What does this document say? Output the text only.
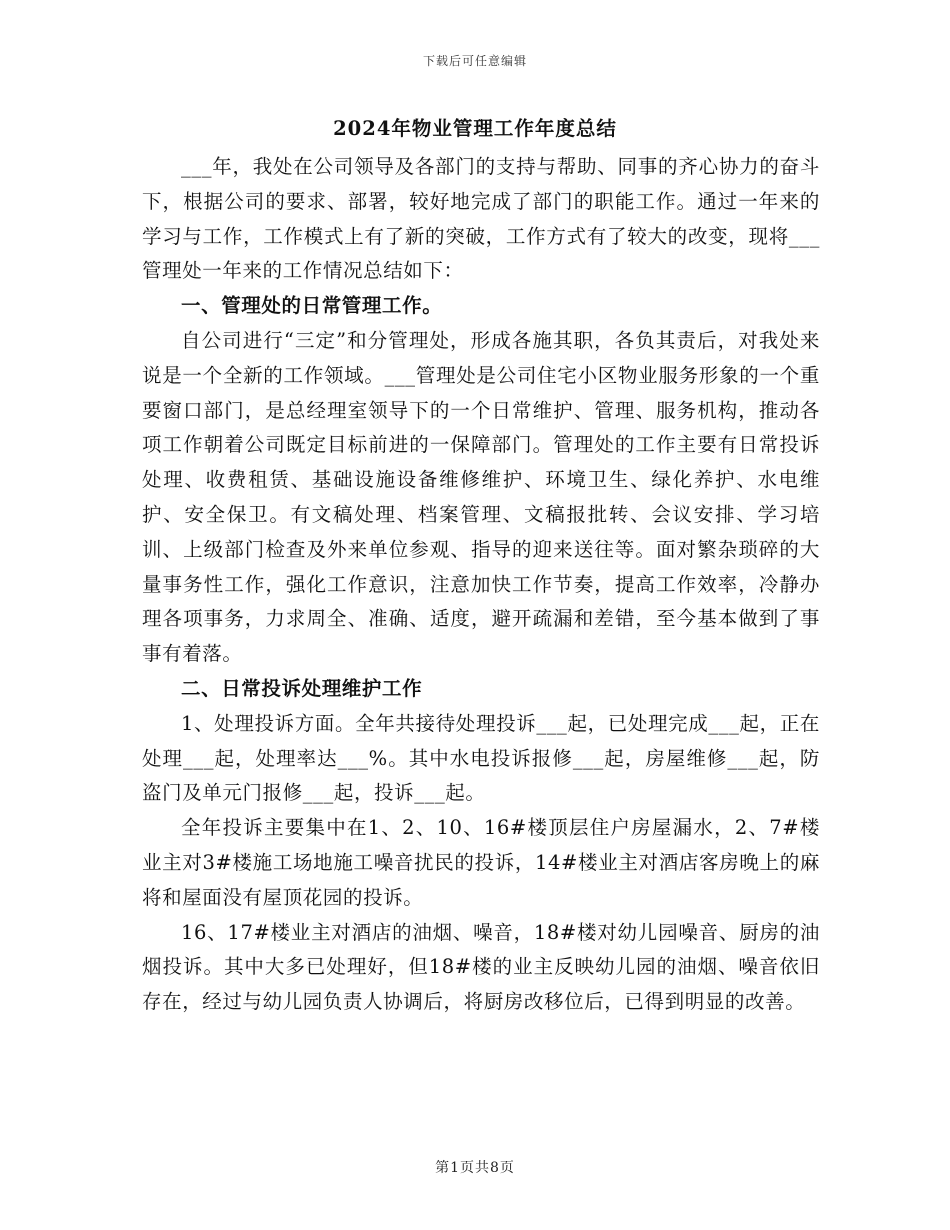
下载后可任意编辑
2024年物业管理工作年度总结

___年，我处在公司领导及各部门的支持与帮助、同事的齐心协力的奋斗下，根据公司的要求、部署，较好地完成了部门的职能工作。通过一年来的学习与工作，工作模式上有了新的突破，工作方式有了较大的改变，现将___管理处一年来的工作情况总结如下：

一、管理处的日常管理工作。

自公司进行“三定”和分管理处，形成各施其职，各负其责后，对我处来说是一个全新的工作领域。___管理处是公司住宅小区物业服务形象的一个重要窗口部门，是总经理室领导下的一个日常维护、管理、服务机构，推动各项工作朝着公司既定目标前进的一保障部门。管理处的工作主要有日常投诉处理、收费租赁、基础设施设备维修维护、环境卫生、绿化养护、水电维护、安全保卫。有文稿处理、档案管理、文稿报批转、会议安排、学习培训、上级部门检查及外来单位参观、指导的迎来送往等。面对繁杂琐碎的大量事务性工作，强化工作意识，注意加快工作节奏，提高工作效率，冷静办理各项事务，力求周全、准确、适度，避开疏漏和差错，至今基本做到了事事有着落。

二、日常投诉处理维护工作

1、处理投诉方面。全年共接待处理投诉___起，已处理完成___起，正在处理___起，处理率达___%。其中水电投诉报修___起，房屋维修___起，防盗门及单元门报修___起，投诉___起。

全年投诉主要集中在1、2、10、16#楼顶层住户房屋漏水，2、7#楼业主对3#楼施工场地施工噪音扰民的投诉，14#楼业主对酒店客房晚上的麻将和屋面没有屋顶花园的投诉。

16、17#楼业主对酒店的油烟、噪音，18#楼对幼儿园噪音、厨房的油烟投诉。其中大多已处理好，但18#楼的业主反映幼儿园的油烟、噪音依旧存在，经过与幼儿园负责人协调后，将厨房改移位后，已得到明显的改善。

第1页共8页
